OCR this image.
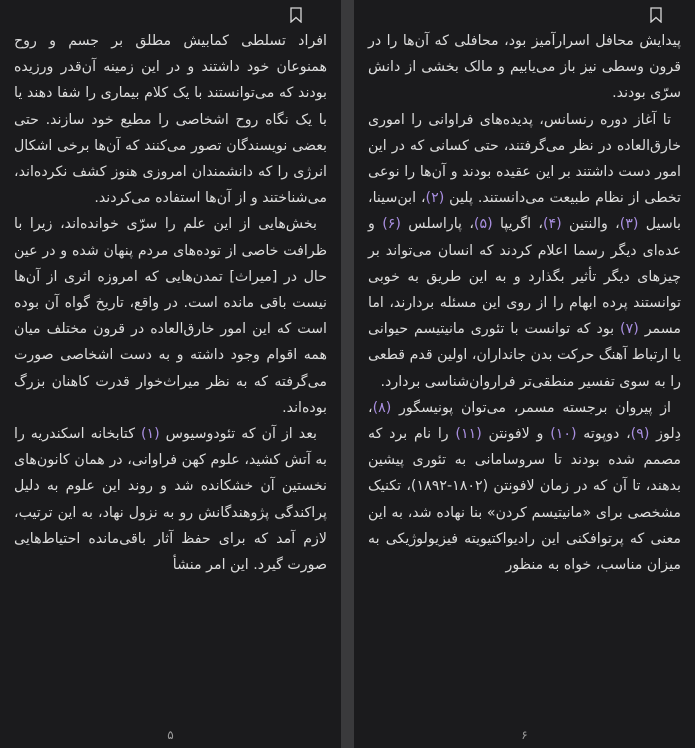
افراد تسلطی کمابیش مطلق بر جسم و روح همنوعان خود داشتند و در این زمینه آن‌قدر ورزیده بودند که می‌توانستند با یک کلام بیماری را شفا دهند یا با یک نگاه روح اشخاصی را مطیع خود سازند. حتی بعضی نویسندگان تصور می‌کنند که آن‌ها برخی اشکال انرژی را که دانشمندان امروزی هنوز کشف نکرده‌اند، می‌شناختند و از آن‌ها استفاده می‌کردند.

بخش‌هایی از این علم را سرّی خوانده‌اند، زیرا با ظرافت خاصی از توده‌های مردم پنهان شده و در عین حال در [میراث] تمدن‌هایی که امروزه اثری از آن‌ها نیست باقی مانده است. در واقع، تاریخ گواه آن بوده است که این امور خارق‌العاده در قرون مختلف میان همه اقوام وجود داشته و به دست اشخاصی صورت می‌گرفته که به نظر میراث‌خوار قدرت کاهنان بزرگ بوده‌اند.

بعد از آن که تئودوسیوس (۱) کتابخانه اسکندریه را به آتش کشید، علوم کهن فراوانی، در همان کانون‌های نخستین آن خشکانده شد و روند این علوم به دلیل پراکندگی پژوهندگانش رو به نزول نهاد، به این ترتیب، لازم آمد که برای حفظ آثار باقی‌مانده احتیاط‌هایی صورت گیرد. این امر منشأ

۵

پیدایش محافل اسرارآمیز بود، محافلی که آن‌ها را در قرون وسطی نیز باز می‌یابیم و مالک بخشی از دانش سرّی بودند.

تا آغاز دوره رنسانس، پدیده‌های فراوانی را اموری خارق‌العاده در نظر می‌گرفتند، حتی کسانی که در این امور دست داشتند بر این عقیده بودند و آن‌ها را نوعی تخطی از نظام طبیعت می‌دانستند. پلین (۲)، ابن‌سینا، باسیل (۳)، والنتین (۴)، اگریپا (۵)، پاراسلس (۶) و عده‌ای دیگر رسما اعلام کردند که انسان می‌تواند بر چیزهای دیگر تأثیر بگذارد و به این طریق به خوبی توانستند پرده ابهام را از روی این مسئله بردارند، اما مسمر (۷) بود که توانست با تئوری مانیتیسم حیوانی یا ارتباط آهنگ حرکت بدن جانداران، اولین قدم قطعی را به سوی تفسیر منطقی‌تر فراروان‌شناسی بردارد.

از پیروان برجسته مسمر، می‌توان پونیسگور (۸)، دِلوز (۹)، دوپوته (۱۰) و لافونتن (۱۱) را نام برد که مصمم شده بودند تا سروسامانی به تئوری پیشین بدهند، تا آن که در زمان لافونتن (۱۸۰۲-۱۸۹۲)، تکنیک مشخصی برای «مانیتیسم کردن» بنا نهاده شد، به این معنی که پرتوافکنی این رادیواکتیویته فیزیولوژیکی به میزان مناسب، خواه به منظور

۶
